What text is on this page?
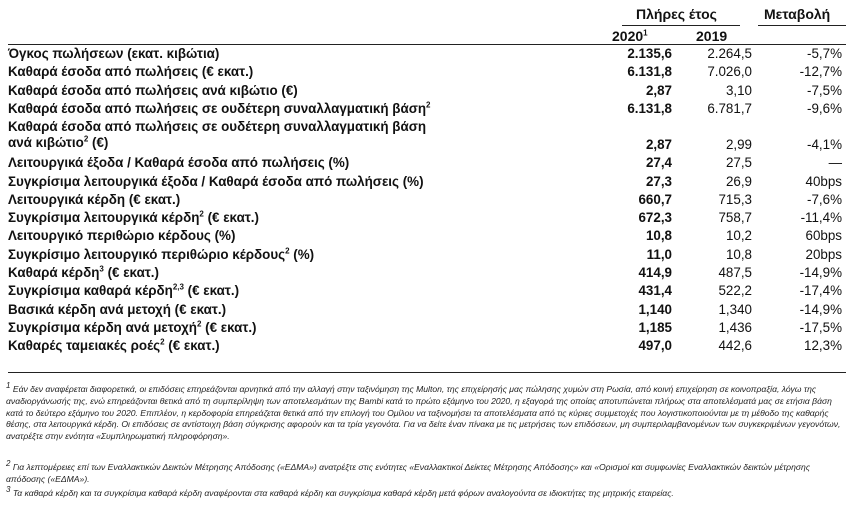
Πλήρες έτος	Μεταβολή
2020$^1$	2019
Όγκος πωλήσεων (εκατ. κιβώτια)	2.135,6	2.264,5	-5,7%
Καθαρά έσοδα από πωλήσεις (€ εκατ.)	6.131,8	7.026,0	-12,7%
Καθαρά έσοδα από πωλήσεις ανά κιβώτιο (€)	2,87	3,10	-7,5%
Καθαρά έσοδα από πωλήσεις σε ουδέτερη συναλλαγματική βάση$^2$	6.131,8	6.781,7	-9,6%
Καθαρά έσοδα από πωλήσεις σε ουδέτερη συναλλαγματική βάση
ανά κιβώτιο$^2$ (€)	2,87	2,99	-4,1%
Λειτουργικά έξοδα / Καθαρά έσοδα από πωλήσεις (%)	27,4	27,5	—
Συγκρίσιμα λειτουργικά έξοδα / Καθαρά έσοδα από πωλήσεις (%)	27,3	26,9	40bps
Λειτουργικά κέρδη (€ εκατ.)	660,7	715,3	-7,6%
Συγκρίσιμα λειτουργικά κέρδη$^2$ (€ εκατ.)	672,3	758,7	-11,4%
Λειτουργικό περιθώριο κέρδους (%)	10,8	10,2	60bps
Συγκρίσιμο λειτουργικό περιθώριο κέρδους$^2$ (%)	11,0	10,8	20bps
Καθαρά κέρδη$^3$ (€ εκατ.)	414,9	487,5	-14,9%
Συγκρίσιμα καθαρά κέρδη$^{2,3}$ (€ εκατ.)	431,4	522,2	-17,4%
Βασικά κέρδη ανά μετοχή (€ εκατ.)	1,140	1,340	-14,9%
Συγκρίσιμα κέρδη ανά μετοχή$^2$ (€ εκατ.)	1,185	1,436	-17,5%
Καθαρές ταμειακές ροές$^2$ (€ εκατ.)	497,0	442,6	12,3%
$^1$ Εάν δεν αναφέρεται διαφορετικά, οι επιδόσεις επηρεάζονται αρνητικά από την αλλαγή στην ταξινόμηση της Multon, της επιχείρησής μας πώλησης χυμών στη Ρωσία, από κοινή επιχείρηση σε κοινοπραξία, λόγω της αναδιοργάνωσής της, ενώ επηρεάζονται θετικά από τη συμπερίληψη των αποτελεσμάτων της Bambi κατά το πρώτο εξάμηνο του 2020, η εξαγορά της οποίας αποτυπώνεται πλήρως στα αποτελέσματά μας σε ετήσια βάση κατά το δεύτερο εξάμηνο του 2020. Επιπλέον, η κερδοφορία επηρεάζεται θετικά από την επιλογή του Ομίλου να ταξινομήσει τα αποτελέσματα από τις κύριες συμμετοχές που λογιστικοποιούνται με τη μέθοδο της καθαρής θέσης, στα λειτουργικά κέρδη. Οι επιδόσεις σε αντίστοιχη βάση σύγκρισης αφορούν και τα τρία γεγονότα. Για να δείτε έναν πίνακα με τις μετρήσεις των επιδόσεων, μη συμπεριλαμβανομένων των συγκεκριμένων γεγονότων, ανατρέξτε στην ενότητα «Συμπληρωματική πληροφόρηση».
$^2$ Για λεπτομέρειες επί των Εναλλακτικών Δεικτών Μέτρησης Απόδοσης («ΕΔΜΑ») ανατρέξτε στις ενότητες «Εναλλακτικοί Δείκτες Μέτρησης Απόδοσης» και «Ορισμοί και συμφωνίες Εναλλακτικών δεικτών μέτρησης απόδοσης («ΕΔΜΑ»).
$^3$ Τα καθαρά κέρδη και τα συγκρίσιμα καθαρά κέρδη αναφέρονται στα καθαρά κέρδη και συγκρίσιμα καθαρά κέρδη μετά φόρων αναλογούντα σε ιδιοκτήτες της μητρικής εταιρείας.
